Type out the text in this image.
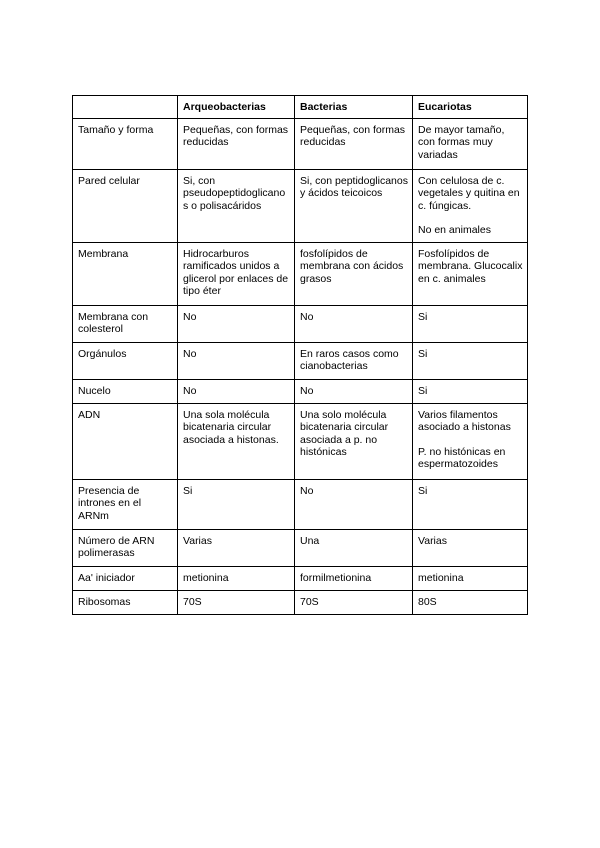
	Arqueobacterias	Bacterias	Eucariotas
Tamaño y forma	Pequeñas, con formas reducidas	Pequeñas, con formas reducidas	De mayor tamaño, con formas muy variadas

Pared celular	Si, con pseudopeptidoglicanos o polisacáridos	Si, con peptidoglicanos y ácidos teicoicos	Con celulosa de c. vegetales y quitina en c. fúngicas.
No en animales

Membrana	Hidrocarburos ramificados unidos a glicerol por enlaces de tipo éter	fosfolípidos de membrana con ácidos grasos	Fosfolípidos de membrana. Glucocalix en c. animales

Membrana con colesterol	No	No	Si

Orgánulos	No	En raros casos como cianobacterias	Si

Nucelo	No	No	Si

ADN	Una sola molécula bicatenaria circular asociada a histonas.	Una solo molécula bicatenaria circular asociada a p. no histónicas	Varios filamentos asociado a histonas
P. no histónicas en espermatozoides

Presencia de intrones en el ARNm	Si	No	Si

Número de ARN polimerasas	Varias	Una	Varias

Aa' iniciador	metionina	formilmetionina	metionina

Ribosomas	70S	70S	80S
